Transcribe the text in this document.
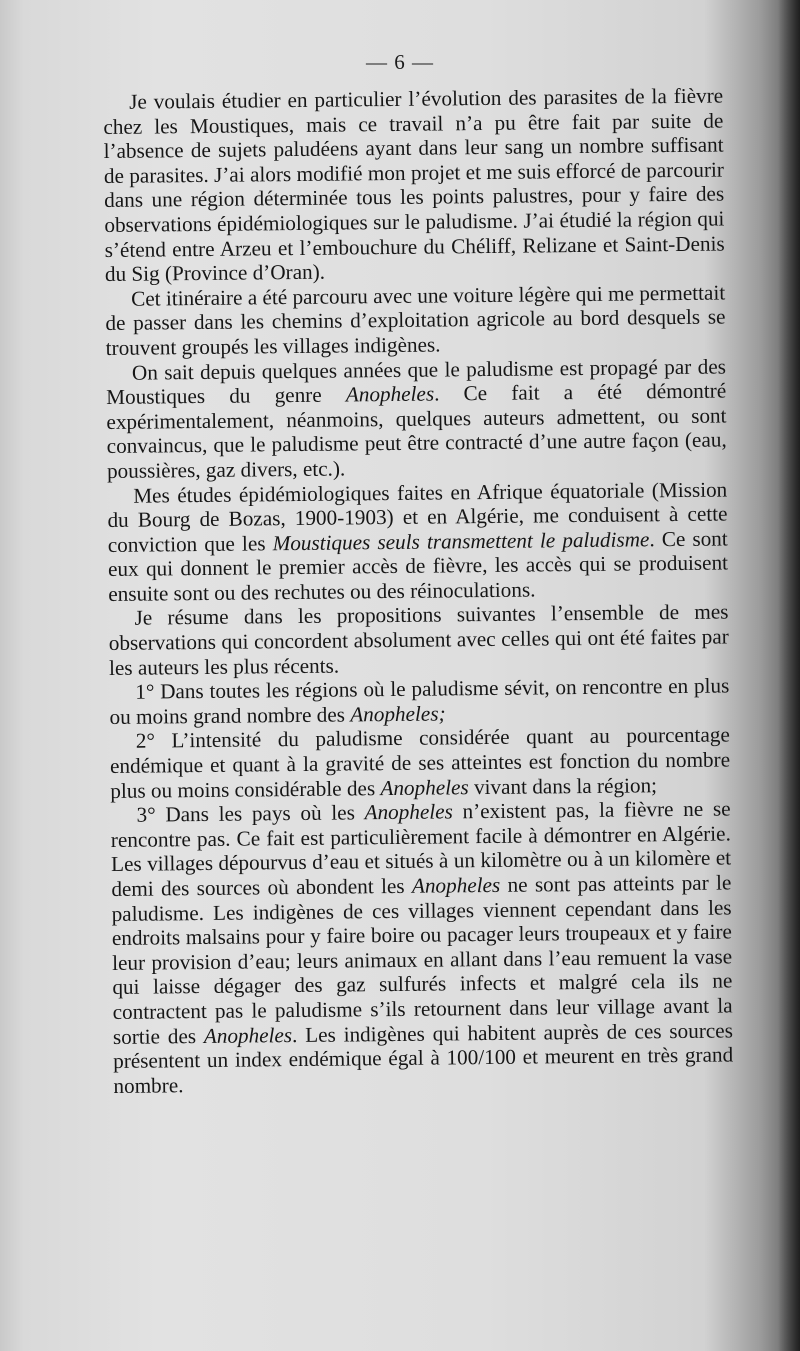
— 6 —

Je voulais étudier en particulier l’évolution des parasites de la fièvre chez les Moustiques, mais ce travail n’a pu être fait par suite de l’absence de sujets paludéens ayant dans leur sang un nombre suffisant de parasites. J’ai alors modifié mon projet et me suis efforcé de parcourir dans une région déterminée tous les points palustres, pour y faire des observations épidémiologiques sur le paludisme. J’ai étudié la région qui s’étend entre Arzeu et l’embouchure du Chéliff, Relizane et Saint-Denis du Sig (Province d’Oran).

Cet itinéraire a été parcouru avec une voiture légère qui me permettait de passer dans les chemins d’exploitation agricole au bord desquels se trouvent groupés les villages indigènes.

On sait depuis quelques années que le paludisme est propagé par des Moustiques du genre Anopheles. Ce fait a été démontré expérimentalement, néanmoins, quelques auteurs admettent, ou sont convaincus, que le paludisme peut être contracté d’une autre façon (eau, poussières, gaz divers, etc.).

Mes études épidémiologiques faites en Afrique équatoriale (Mission du Bourg de Bozas, 1900-1903) et en Algérie, me conduisent à cette conviction que les Moustiques seuls transmettent le paludisme. Ce sont eux qui donnent le premier accès de fièvre, les accès qui se produisent ensuite sont ou des rechutes ou des réinoculations.

Je résume dans les propositions suivantes l’ensemble de mes observations qui concordent absolument avec celles qui ont été faites par les auteurs les plus récents.

1° Dans toutes les régions où le paludisme sévit, on rencontre en plus ou moins grand nombre des Anopheles;

2° L’intensité du paludisme considérée quant au pourcentage endémique et quant à la gravité de ses atteintes est fonction du nombre plus ou moins considérable des Anopheles vivant dans la région;

3° Dans les pays où les Anopheles n’existent pas, la fièvre ne se rencontre pas. Ce fait est particulièrement facile à démontrer en Algérie. Les villages dépourvus d’eau et situés à un kilomètre ou à un kilomère et demi des sources où abondent les Anopheles ne sont pas atteints par le paludisme. Les indigènes de ces villages viennent cependant dans les endroits malsains pour y faire boire ou pacager leurs troupeaux et y faire leur provision d’eau; leurs animaux en allant dans l’eau remuent la vase qui laisse dégager des gaz sulfurés infects et malgré cela ils ne contractent pas le paludisme s’ils retournent dans leur village avant la sortie des Anopheles. Les indigènes qui habitent auprès de ces sources présentent un index endémique égal à 100/100 et meurent en très grand nombre.
